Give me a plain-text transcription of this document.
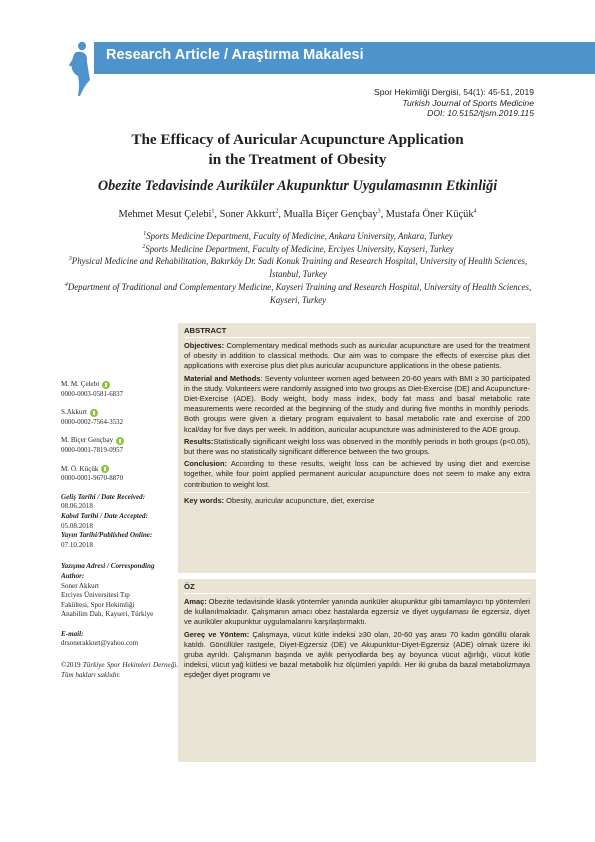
Research Article / Araştırma Makalesi
Spor Hekimliği Dergisi, 54(1): 45-51, 2019
Turkish Journal of Sports Medicine
DOI: 10.5152/tjsm.2019.115
The Efficacy of Auricular Acupuncture Application
in the Treatment of Obesity
Obezite Tedavisinde Auriküler Akupunktur Uygulamasının Etkinliği
Mehmet Mesut Çelebi$^1$, Soner Akkurt$^2$, Mualla Biçer Gençbay$^3$, Mustafa Öner Küçük$^4$

$^1$Sports Medicine Department, Faculty of Medicine, Ankara University, Ankara, Turkey

$^2$Sports Medicine Department, Faculty of Medicine, Erciyes University, Kayseri, Turkey

$^3$Physical Medicine and Rehabilitation, Bakırköy Dr. Sadi Konuk Training and Research Hospital, University of Health Sciences, İstanbul, Turkey

$^4$Department of Traditional and Complementary Medicine, Kayseri Training and Research Hospital, University of Health Sciences, Kayseri, Turkey

M. M. Çelebi

0000-0003-0581-6837

S.Akkurt

0000-0002-7564-3532

M. Biçer Gençbay

0000-0001-7819-0957

M. Ö. Küçük

0000-0001-9670-8870

Geliş Tarihi / Date Received:

08.06.2018

Kabul Tarihi / Date Accepted:

05.08.2018

Yayın Tarihi/Published Online:

07.10.2018

Yazışma Adresi / Corresponding Author:

Soner Akkurt

Erciyes Üniversitesi Tıp

Fakültesi, Spor Hekimliği

Anabilim Dalı, Kayseri, Türkiye

E-mail:

drsonerakkurt@yahoo.com

©2019 Türkiye Spor Hekimleri Derneği. Tüm hakları saklıdır.

ABSTRACT

Objectives: Complementary medical methods such as auricular acupuncture are used for the treatment of obesity in addition to classical methods. Our aim was to compare the effects of exercise plus diet applications with exercise plus diet plus auricular acupuncture applications in the obese patients.

Material and Methods: Seventy volunteer women aged between 20-60 years with BMI ≥ 30 participated in the study. Volunteers were randomly assigned into two groups as Diet-Exercise (DE) and Acupuncture-Diet-Exercise (ADE). Body weight, body mass index, body fat mass and basal metabolic rate measurements were recorded at the beginning of the study and during five months in monthly periods. Both groups were given a dietary program equivalent to basal metabolic rate and exercise of 200 kcal/day for five days per week. In addition, auricular acupuncture was administered to the ADE group.

Results:Statistically significant weight loss was observed in the monthly periods in both groups (p<0.05), but there was no statistically significant difference between the two groups.

Conclusion: According to these results, weight loss can be achieved by using diet and exercise together, while four point applied permanent auricular acupuncture does not seem to make any extra contribution to weight lost.

Key words: Obesity, auricular acupuncture, diet, exercise

ÖZ

Amaç: Obezite tedavisinde klasik yöntemler yanında auriküler akupunktur gibi tamamlayıcı tıp yöntemleri de kullanılmaktadır. Çalışmanın amacı obez hastalarda egzersiz ve diyet uygulaması ile egzersiz, diyet ve auriküler akupunktur uygulamalarını karşılaştırmaktı.

Gereç ve Yöntem: Çalışmaya, vücut kütle indeksi ≥30 olan, 20-60 yaş arası 70 kadın gönüllü olarak katıldı. Gönüllüler rastgele, Diyet-Egzersiz (DE) ve Akupunktur-Diyet-Egzersiz (ADE) olmak üzere iki gruba ayrıldı. Çalışmanın başında ve aylık periyodlarda beş ay boyunca vücut ağırlığı, vücut kütle indeksi, vücut yağ kütlesi ve bazal metabolik hız ölçümleri yapıldı. Her iki gruba da bazal metabolizmaya eşdeğer diyet programı ve
